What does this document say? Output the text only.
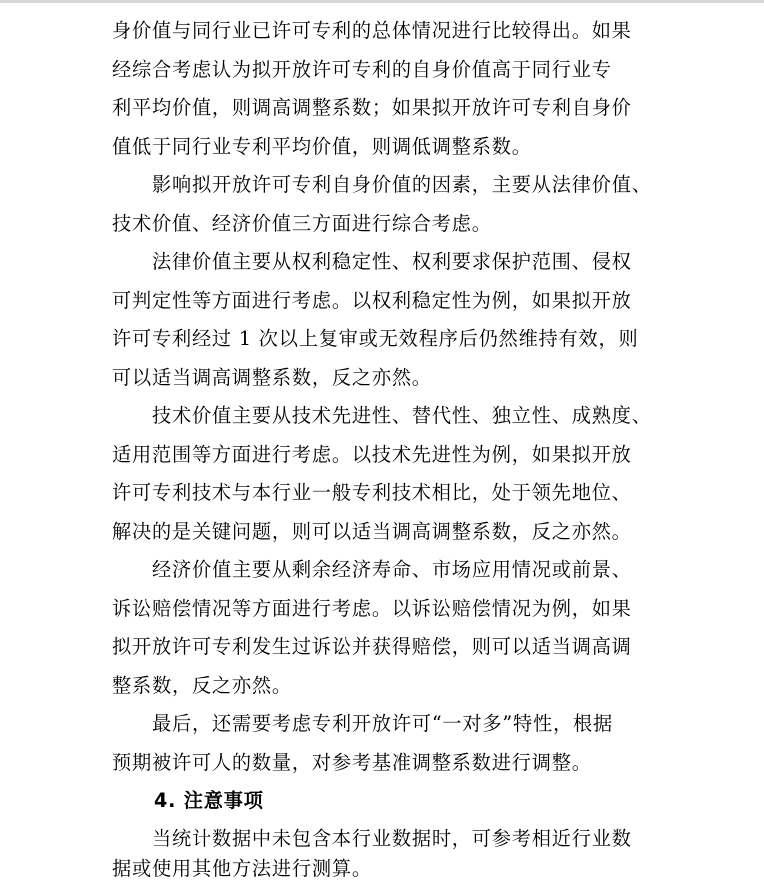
身价值与同行业已许可专利的总体情况进行比较得出。如果
经综合考虑认为拟开放许可专利的自身价值高于同行业专
利平均价值，则调高调整系数；如果拟开放许可专利自身价
值低于同行业专利平均价值，则调低调整系数。
影响拟开放许可专利自身价值的因素，主要从法律价值、
技术价值、经济价值三方面进行综合考虑。
法律价值主要从权利稳定性、权利要求保护范围、侵权
可判定性等方面进行考虑。以权利稳定性为例，如果拟开放
许可专利经过 1 次以上复审或无效程序后仍然维持有效，则
可以适当调高调整系数，反之亦然。
技术价值主要从技术先进性、替代性、独立性、成熟度、
适用范围等方面进行考虑。以技术先进性为例，如果拟开放
许可专利技术与本行业一般专利技术相比，处于领先地位、
解决的是关键问题，则可以适当调高调整系数，反之亦然。
经济价值主要从剩余经济寿命、市场应用情况或前景、
诉讼赔偿情况等方面进行考虑。以诉讼赔偿情况为例，如果
拟开放许可专利发生过诉讼并获得赔偿，则可以适当调高调
整系数，反之亦然。
最后，还需要考虑专利开放许可“一对多”特性，根据
预期被许可人的数量，对参考基准调整系数进行调整。
4. 注意事项
当统计数据中未包含本行业数据时，可参考相近行业数
据或使用其他方法进行测算。
